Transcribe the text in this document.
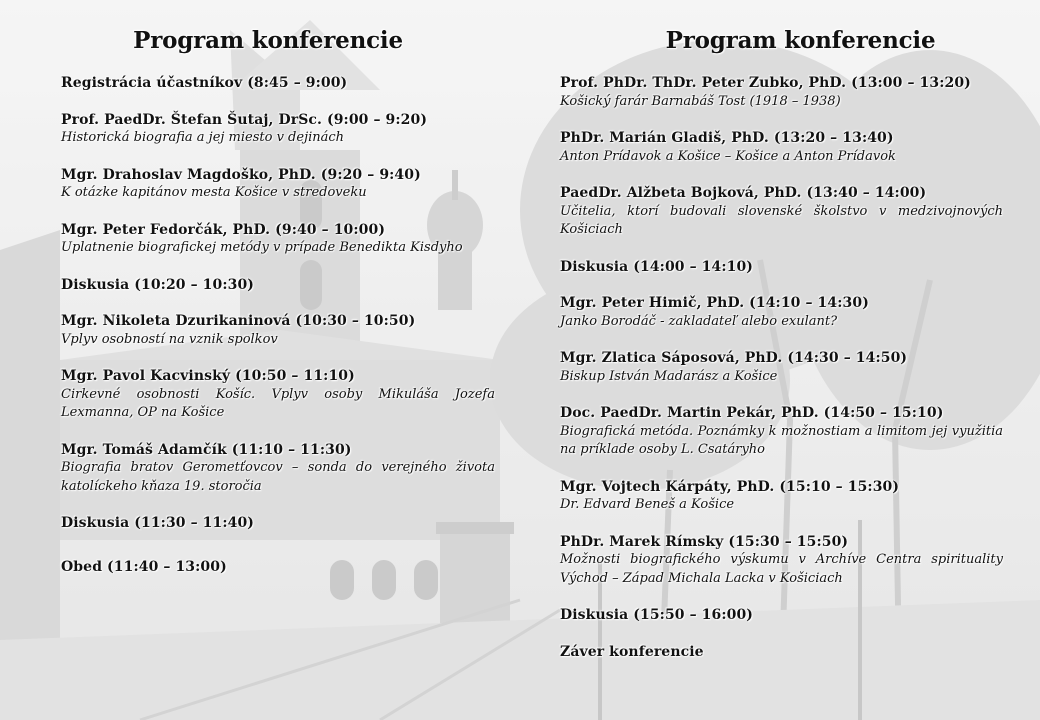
Program konferencie
Registrácia účastníkov (8:45 – 9:00)
Prof. PaedDr. Štefan Šutaj, DrSc. (9:00 – 9:20)
Historická biografia a jej miesto v dejinách
Mgr. Drahoslav Magdoško, PhD. (9:20 – 9:40)
K otázke kapitánov mesta Košice v stredoveku
Mgr. Peter Fedorčák, PhD. (9:40 – 10:00)
Uplatnenie biografickej metódy v prípade Benedikta Kisdyho
Diskusia (10:20 – 10:30)
Mgr. Nikoleta Dzurikaninová (10:30 – 10:50)
Vplyv osobností na vznik spolkov
Mgr. Pavol Kacvinský (10:50 – 11:10)
Cirkevné osobnosti Košíc. Vplyv osoby Mikuláša Jozefa Lexmanna, OP na Košice
Mgr. Tomáš Adamčík (11:10 – 11:30)
Biografia bratov Gerometťovcov – sonda do verejného života katolíckeho kňaza 19. storočia
Diskusia (11:30 – 11:40)
Obed (11:40 – 13:00)
Program konferencie
Prof. PhDr. ThDr. Peter Zubko, PhD. (13:00 – 13:20)
Košický farár Barnabáš Tost (1918 – 1938)
PhDr. Marián Gladiš, PhD. (13:20 – 13:40)
Anton Prídavok a Košice – Košice a Anton Prídavok
PaedDr. Alžbeta Bojková, PhD. (13:40 – 14:00)
Učitelia, ktorí budovali slovenské školstvo v medzivojnových Košiciach
Diskusia (14:00 – 14:10)
Mgr. Peter Himič, PhD. (14:10 – 14:30)
Janko Borodáč - zakladateľ alebo exulant?
Mgr. Zlatica Sáposová, PhD. (14:30 – 14:50)
Biskup István Madarász a Košice
Doc. PaedDr. Martin Pekár, PhD. (14:50 – 15:10)
Biografická metóda. Poznámky k možnostiam a limitom jej využitia na príklade osoby L. Csatáryho
Mgr. Vojtech Kárpáty, PhD. (15:10 – 15:30)
Dr. Edvard Beneš a Košice
PhDr. Marek Rímsky (15:30 – 15:50)
Možnosti biografického výskumu v Archíve Centra spirituality Východ – Západ Michala Lacka v Košiciach
Diskusia (15:50 – 16:00)
Záver konferencie
